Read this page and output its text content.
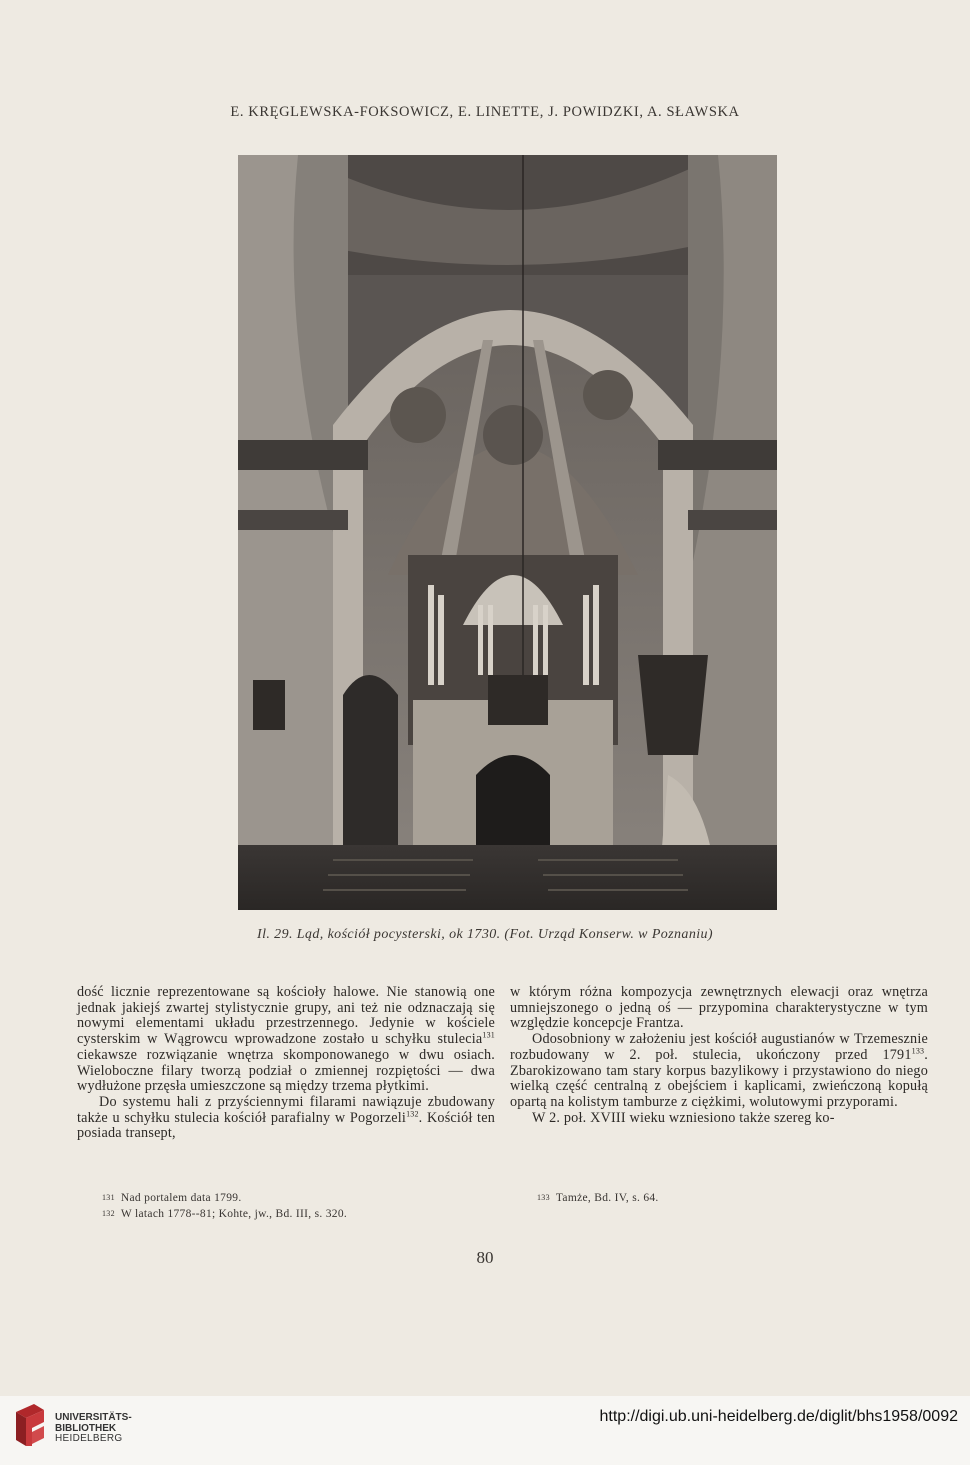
E. KRĘGLEWSKA-FOKSOWICZ, E. LINETTE, J. POWIDZKI, A. SŁAWSKA
Il. 29. Ląd, kościół pocysterski, ok 1730. (Fot. Urząd Konserw. w Poznaniu)

dość licznie reprezentowane są kościoły halowe. Nie stanowią one jednak jakiejś zwartej stylistycznie grupy, ani też nie odznaczają się nowymi elementami układu przestrzennego. Jedynie w kościele cysterskim w Wągrowcu wprowadzone zostało u schyłku stulecia$^{131}$ ciekawsze rozwiązanie wnętrza skomponowanego w dwu osiach. Wieloboczne filary tworzą podział o zmiennej rozpiętości — dwa wydłużone przęsła umieszczone są między trzema płytkimi.

Do systemu hali z przyściennymi filarami nawiązuje zbudowany także u schyłku stulecia kościół parafialny w Pogorzeli$^{132}$. Kościół ten posiada transept,

w którym różna kompozycja zewnętrznych elewacji oraz wnętrza umniejszonego o jedną oś — przypomina charakterystyczne w tym względzie koncepcje Frantza.

Odosobniony w założeniu jest kościół augustianów w Trzemesznie rozbudowany w 2. poł. stulecia, ukończony przed 1791$^{133}$. Zbarokizowano tam stary korpus bazylikowy i przystawiono do niego wielką część centralną z obejściem i kaplicami, zwieńczoną kopułą opartą na kolistym tamburze z ciężkimi, wolutowymi przyporami.

W 2. poł. XVIII wieku wzniesiono także szereg ko-

$^{131}$ Nad portalem data 1799.
$^{132}$ W latach 1778--81; Kohte, jw., Bd. III, s. 320.
$^{133}$ Tamże, Bd. IV, s. 64.
80
UNIVERSITÄTS-
BIBLIOTHEK
HEIDELBERG
http://digi.ub.uni-heidelberg.de/diglit/bhs1958/0092
